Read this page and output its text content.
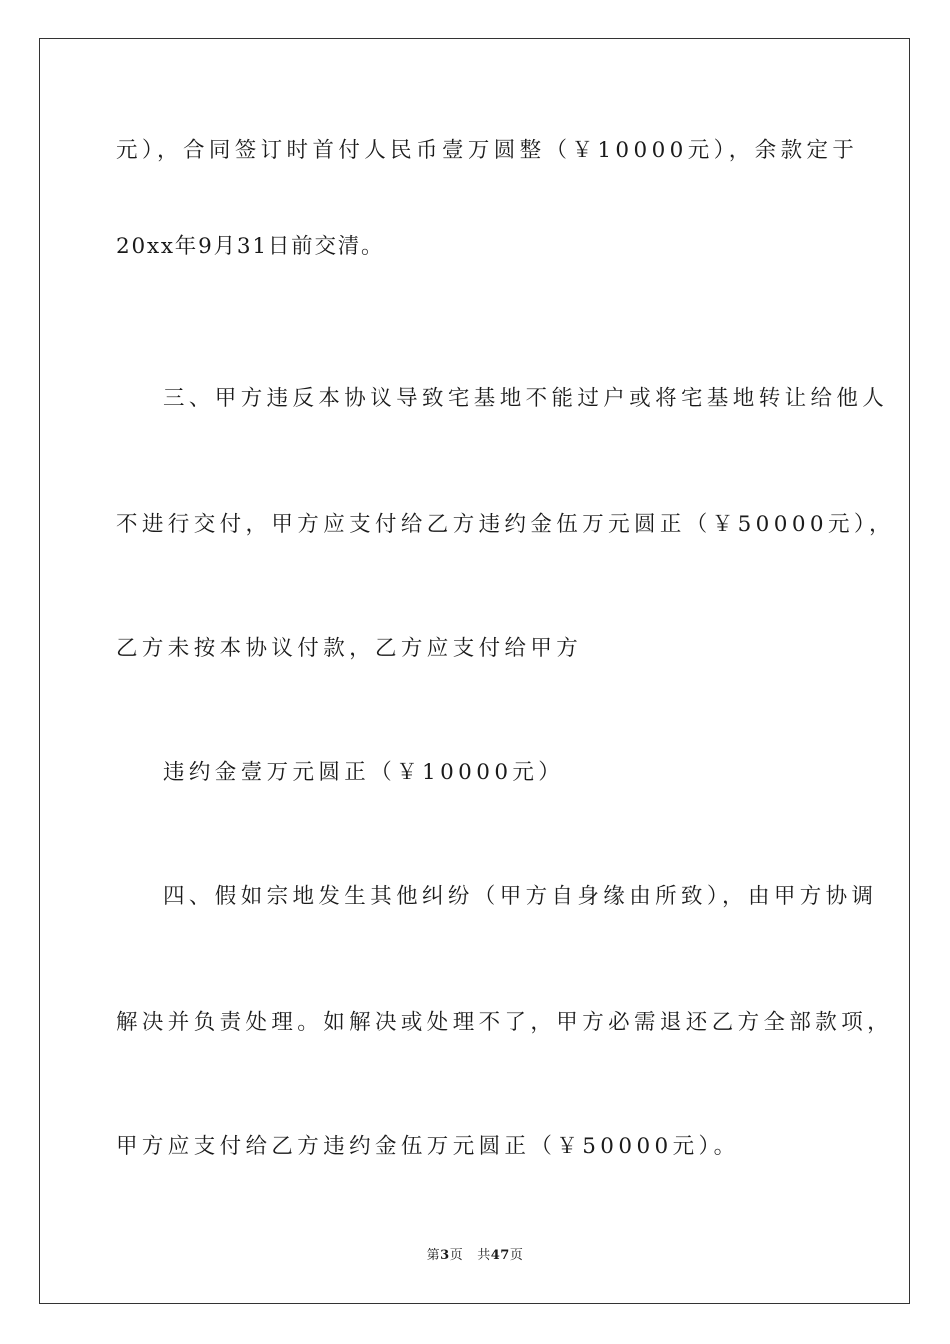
元），合同签订时首付人民币壹万圆整（￥10000元），余款定于
20xx年9月31日前交清。
三、甲方违反本协议导致宅基地不能过户或将宅基地转让给他人
不进行交付，甲方应支付给乙方违约金伍万元圆正（￥50000元），
乙方未按本协议付款，乙方应支付给甲方
违约金壹万元圆正（￥10000元）
四、假如宗地发生其他纠纷（甲方自身缘由所致），由甲方协调
解决并负责处理。如解决或处理不了，甲方必需退还乙方全部款项，
甲方应支付给乙方违约金伍万元圆正（￥50000元）。
第3页 共47页
